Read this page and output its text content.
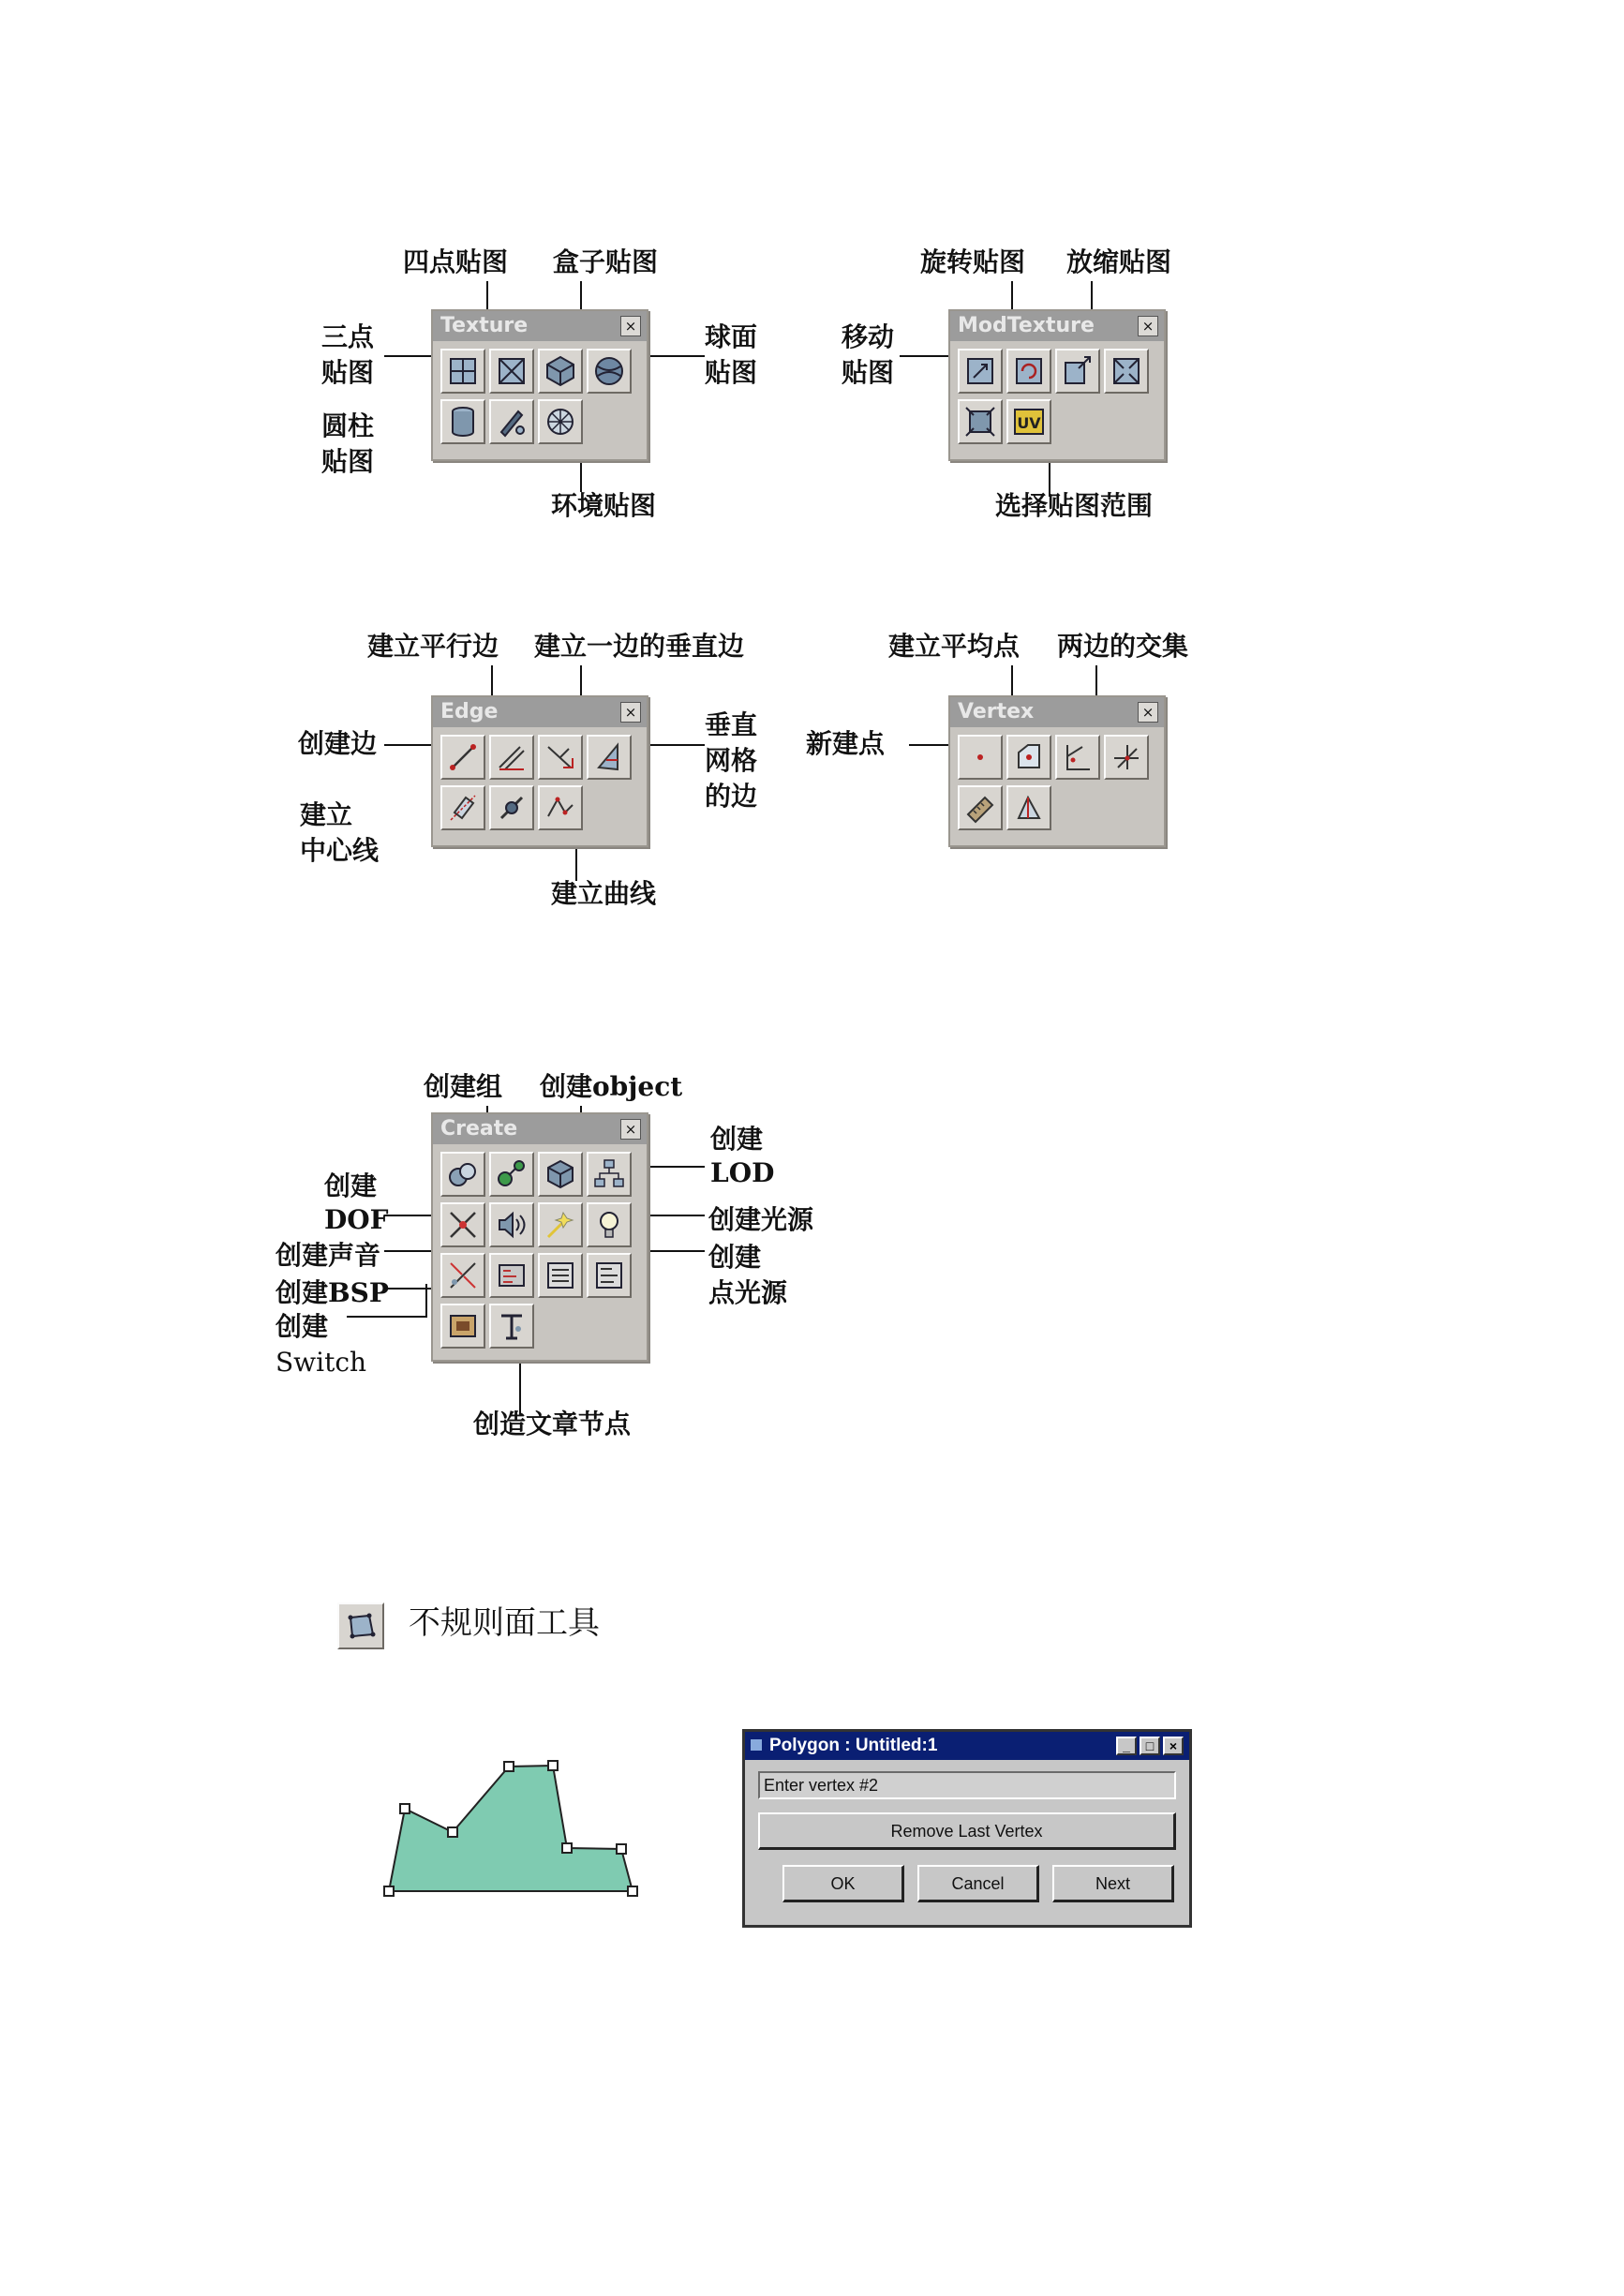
Texture	×
四点贴图 盒子贴图
三点
贴图
球面
贴图
圆柱
贴图
环境贴图
ModTexture	×
UV
旋转贴图 放缩贴图
移动
贴图
选择贴图范围
Edge	×
建立平行边 建立一边的垂直边
创建边
垂直
网格
的边
建立
中心线
建立曲线
Vertex	×
建立平均点 两边的交集
新建点
Create	×
创建组 创建object
创建
LOD
创建
DOF	创建光源
创建声音	创建
点光源
创建BSP
创建
Switch
创造文章节点
不规则面工具
Polygon : Untitled:1	_	□	×
Enter vertex #2
Remove Last Vertex
OK	Cancel	Next
